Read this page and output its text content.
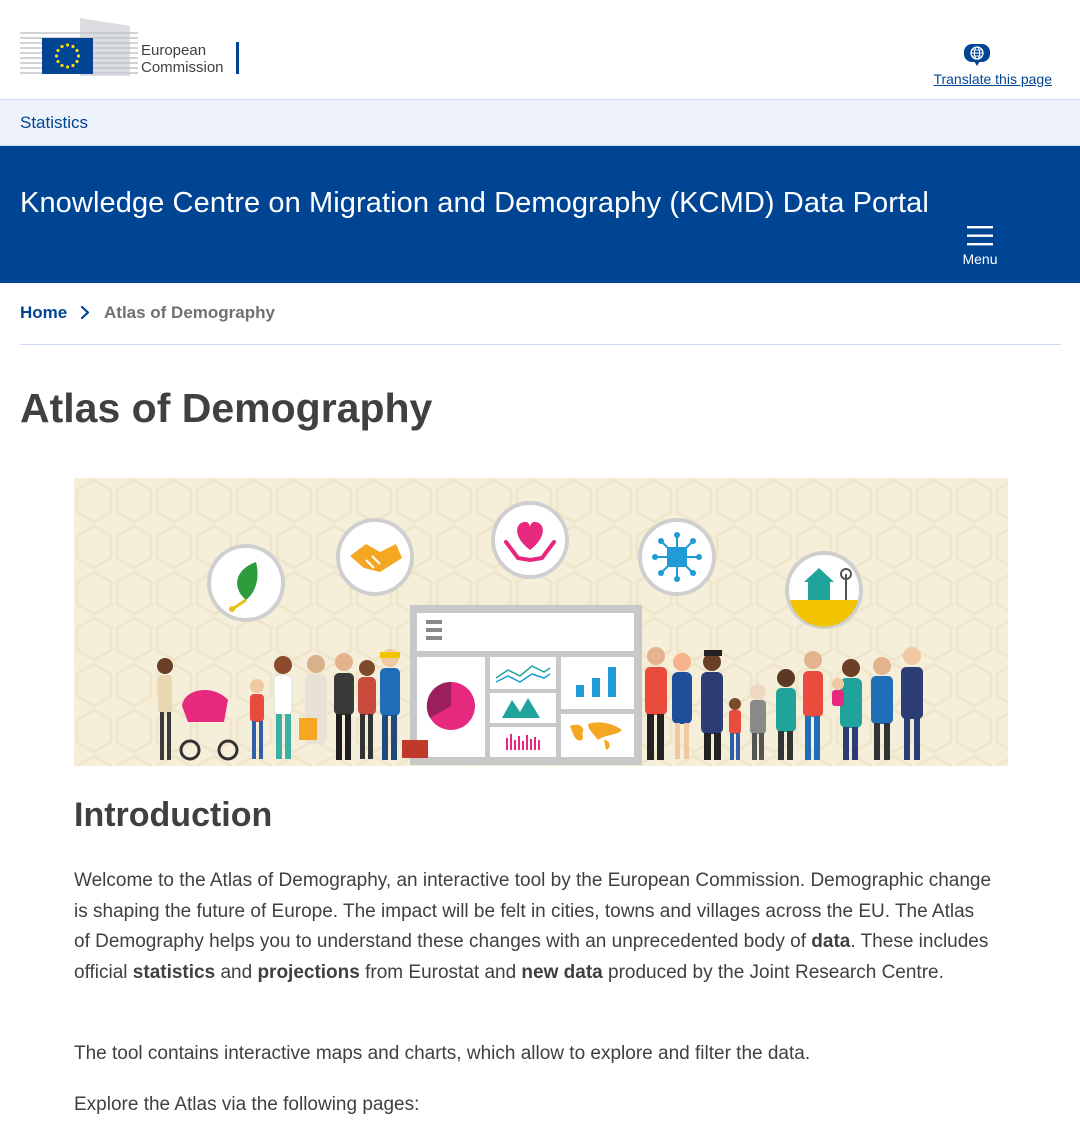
European
Commission
Translate this page
Statistics
Knowledge Centre on Migration and Demography (KCMD) Data Portal
Menu
Home Atlas of Demography
Atlas of Demography
Introduction

Welcome to the Atlas of Demography, an interactive tool by the European Commission. Demographic change is shaping the future of Europe. The impact will be felt in cities, towns and villages across the EU. The Atlas of Demography helps you to understand these changes with an unprecedented body of data. These includes official statistics and projections from Eurostat and new data produced by the Joint Research Centre.

The tool contains interactive maps and charts, which allow to explore and filter the data.

Explore the Atlas via the following pages:
